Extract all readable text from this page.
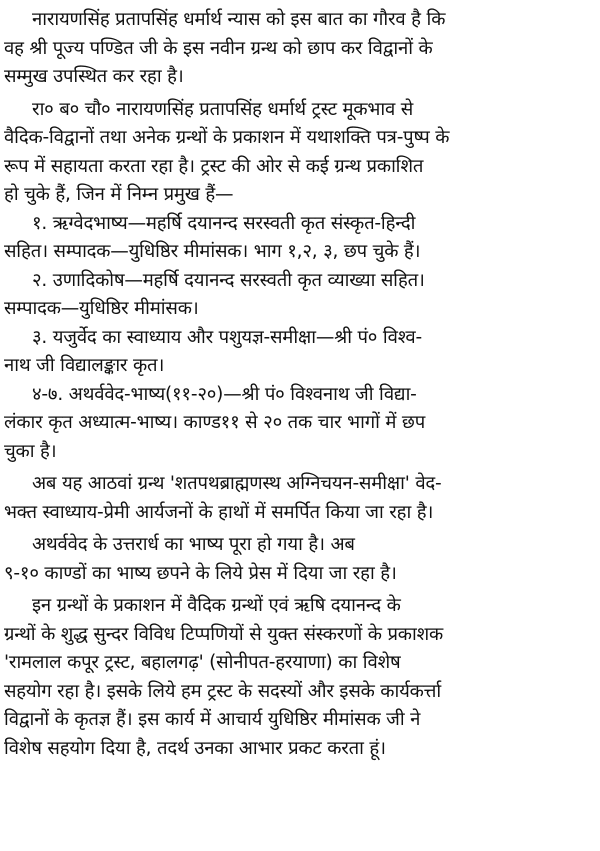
नारायणसिंह प्रतापसिंह धर्मार्थ न्यास को इस बात का गौरव है कि
वह श्री पूज्य पण्डित जी के इस नवीन ग्रन्थ को छाप कर विद्वानों के
सम्मुख उपस्थित कर रहा है।

रा० ब० चौ० नारायणसिंह प्रतापसिंह धर्मार्थ ट्रस्ट मूकभाव से
वैदिक-विद्वानों तथा अनेक ग्रन्थों के प्रकाशन में यथाशक्ति पत्र-पुष्प के
रूप में सहायता करता रहा है। ट्रस्ट की ओर से कई ग्रन्थ प्रकाशित
हो चुके हैं, जिन में निम्न प्रमुख हैं—

१. ऋग्वेदभाष्य—महर्षि दयानन्द सरस्वती कृत संस्कृत-हिन्दी
सहित। सम्पादक—युधिष्ठिर मीमांसक। भाग १,२, ३, छप चुके हैं।

२. उणादिकोष—महर्षि दयानन्द सरस्वती कृत व्याख्या सहित।
सम्पादक—युधिष्ठिर मीमांसक।

३. यजुर्वेद का स्वाध्याय और पशुयज्ञ-समीक्षा—श्री पं० विश्व-
नाथ जी विद्यालङ्कार कृत।

४-७. अथर्ववेद-भाष्य(११-२०)—श्री पं० विश्वनाथ जी विद्या-
लंकार कृत अध्यात्म-भाष्य। काण्ड११ से २० तक चार भागों में छप
चुका है।

अब यह आठवां ग्रन्थ 'शतपथब्राह्मणस्थ अग्निचयन-समीक्षा' वेद-
भक्त स्वाध्याय-प्रेमी आर्यजनों के हाथों में समर्पित किया जा रहा है।

अथर्ववेद के उत्तरार्ध का भाष्य पूरा हो गया है। अब
९-१० काण्डों का भाष्य छपने के लिये प्रेस में दिया जा रहा है।

इन ग्रन्थों के प्रकाशन में वैदिक ग्रन्थों एवं ऋषि दयानन्द के
ग्रन्थों के शुद्ध सुन्दर विविध टिप्पणियों से युक्त संस्करणों के प्रकाशक
'रामलाल कपूर ट्रस्ट, बहालगढ़' (सोनीपत-हरयाणा) का विशेष
सहयोग रहा है। इसके लिये हम ट्रस्ट के सदस्यों और इसके कार्यकर्त्ता
विद्वानों के कृतज्ञ हैं। इस कार्य में आचार्य युधिष्ठिर मीमांसक जी ने
विशेष सहयोग दिया है, तदर्थ उनका आभार प्रकट करता हूं।
